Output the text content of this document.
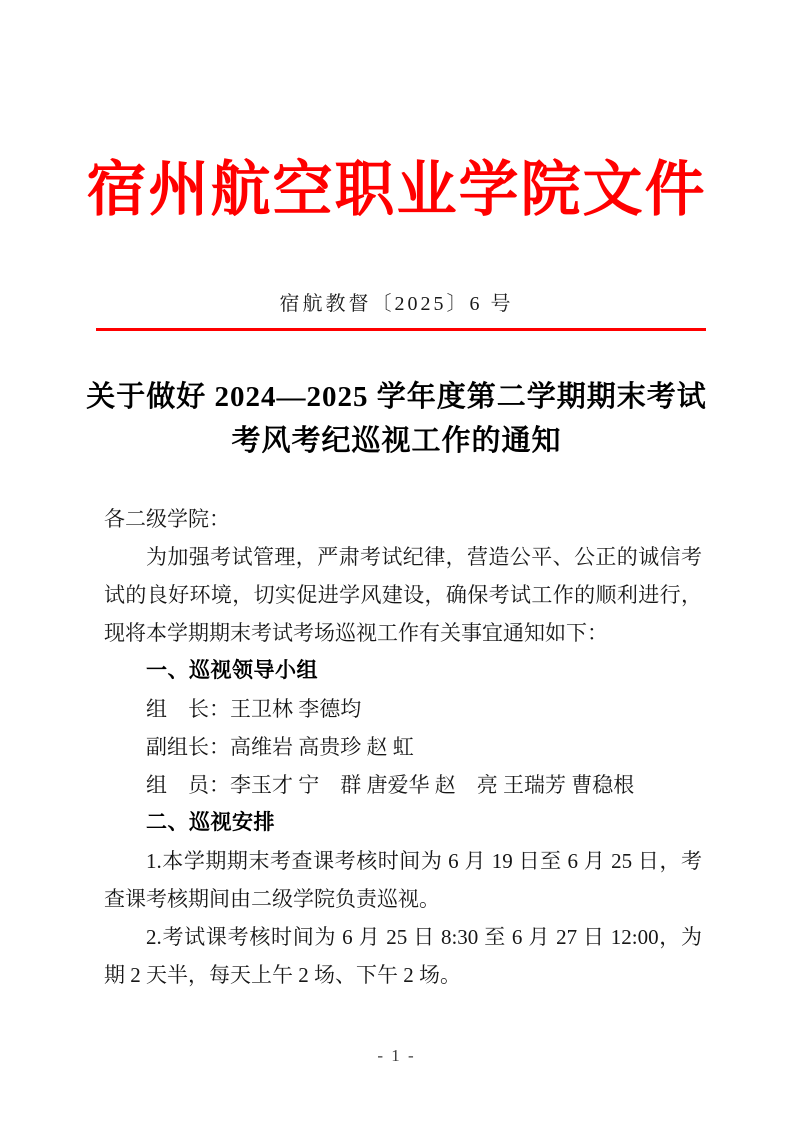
宿州航空职业学院文件
宿航教督〔2025〕6 号
关于做好 2024—2025 学年度第二学期期末考试
考风考纪巡视工作的通知

各二级学院：

为加强考试管理，严肃考试纪律，营造公平、公正的诚信考试的良好环境，切实促进学风建设，确保考试工作的顺利进行，现将本学期期末考试考场巡视工作有关事宜通知如下：

一、巡视领导小组

组　长：王卫林 李德均

副组长：高维岩 高贵珍 赵 虹

组　员：李玉才 宁　群 唐爱华 赵　亮 王瑞芳 曹稳根

二、巡视安排

1.本学期期末考查课考核时间为 6 月 19 日至 6 月 25 日，考查课考核期间由二级学院负责巡视。

2.考试课考核时间为 6 月 25 日 8:30 至 6 月 27 日 12:00，为期 2 天半，每天上午 2 场、下午 2 场。

- 1 -
